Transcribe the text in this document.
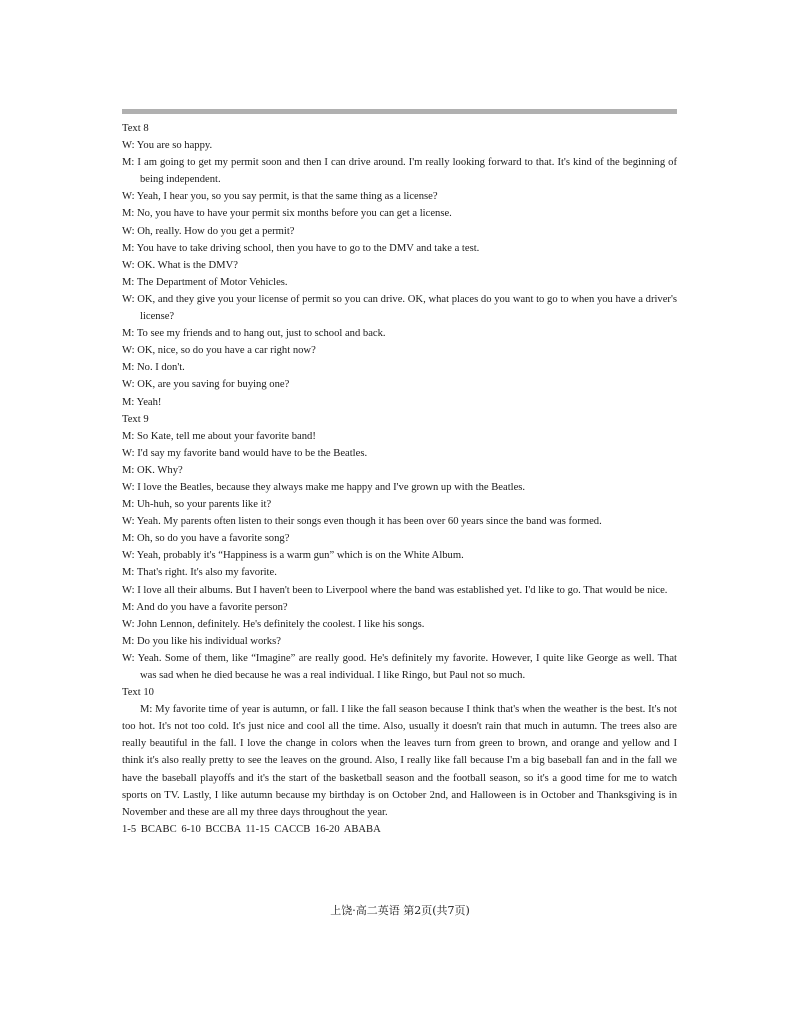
Text 8
W: You are so happy.
M: I am going to get my permit soon and then I can drive around. I'm really looking forward to that. It's kind of the beginning of being independent.
W: Yeah, I hear you, so you say permit, is that the same thing as a license?
M: No, you have to have your permit six months before you can get a license.
W: Oh, really. How do you get a permit?
M: You have to take driving school, then you have to go to the DMV and take a test.
W: OK. What is the DMV?
M: The Department of Motor Vehicles.
W: OK, and they give you your license of permit so you can drive. OK, what places do you want to go to when you have a driver's license?
M: To see my friends and to hang out, just to school and back.
W: OK, nice, so do you have a car right now?
M: No. I don't.
W: OK, are you saving for buying one?
M: Yeah!
Text 9
M: So Kate, tell me about your favorite band!
W: I'd say my favorite band would have to be the Beatles.
M: OK. Why?
W: I love the Beatles, because they always make me happy and I've grown up with the Beatles.
M: Uh-huh, so your parents like it?
W: Yeah. My parents often listen to their songs even though it has been over 60 years since the band was formed.
M: Oh, so do you have a favorite song?
W: Yeah, probably it's “Happiness is a warm gun” which is on the White Album.
M: That's right. It's also my favorite.
W: I love all their albums. But I haven't been to Liverpool where the band was established yet. I'd like to go. That would be nice.
M: And do you have a favorite person?
W: John Lennon, definitely. He's definitely the coolest. I like his songs.
M: Do you like his individual works?
W: Yeah. Some of them, like “Imagine” are really good. He's definitely my favorite. However, I quite like George as well. That was sad when he died because he was a real individual. I like Ringo, but Paul not so much.
Text 10
M: My favorite time of year is autumn, or fall. I like the fall season because I think that's when the weather is the best. It's not too hot. It's not too cold. It's just nice and cool all the time. Also, usually it doesn't rain that much in autumn. The trees also are really beautiful in the fall. I love the change in colors when the leaves turn from green to brown, and orange and yellow and I think it's also really pretty to see the leaves on the ground. Also, I really like fall because I'm a big baseball fan and in the fall we have the baseball playoffs and it's the start of the basketball season and the football season, so it's a good time for me to watch sports on TV. Lastly, I like autumn because my birthday is on October 2nd, and Halloween is in October and Thanksgiving is in November and these are all my three days throughout the year.
1-5 BCABC 6-10 BCCBA 11-15 CACCB 16-20 ABABA
上饶·高二英语 第2页(共7页)
